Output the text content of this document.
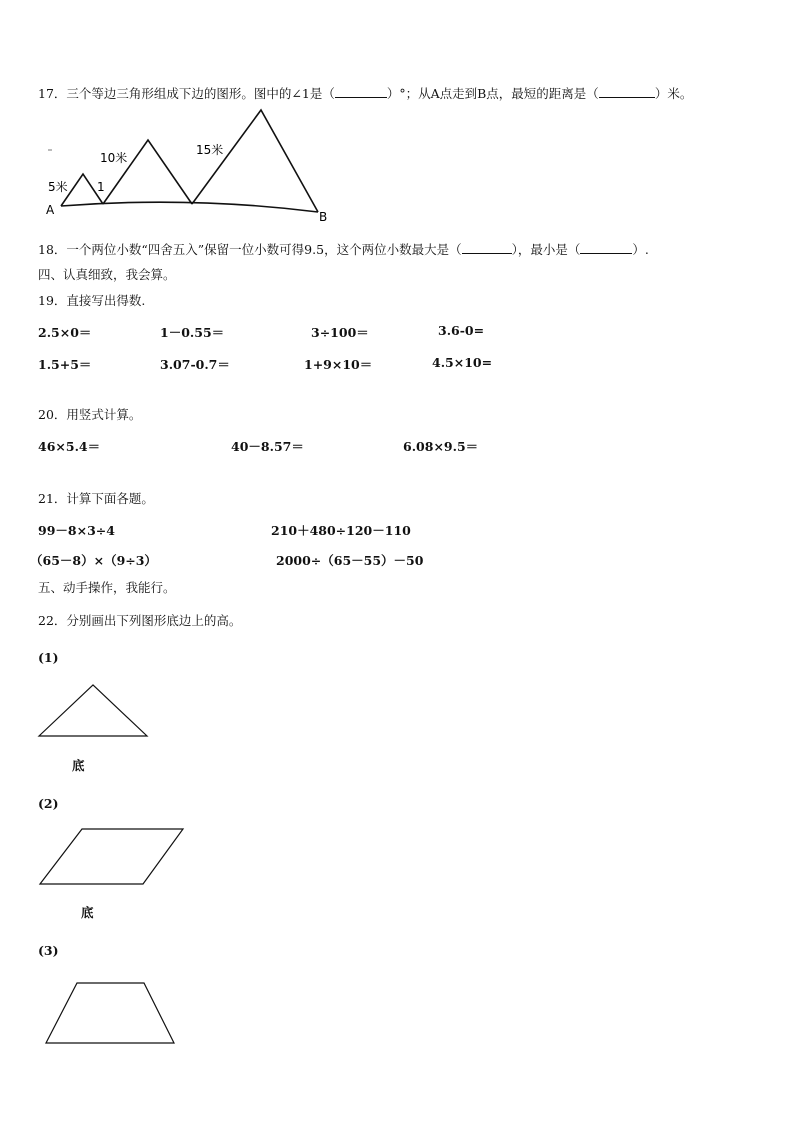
17．三个等边三角形组成下边的图形。图中的∠1是（	）°；从A点走到B点，最短的距离是（	）米。
5米
10米
15米
1
A	B
18．一个两位小数“四舍五入”保留一位小数可得9.5，这个两位小数最大是（	），最小是（	）.
四、认真细致，我会算。
19．直接写出得数.
2.5×0＝	1－0.55＝	3÷100＝	3.6-0=
1.5+5＝	3.07-0.7＝	1+9×10＝	4.5×10=
20．用竖式计算。
46×5.4＝	40－8.57＝	6.08×9.5＝
21．计算下面各题。
99－8×3÷4	210＋480÷120－110
（65－8）×（9÷3）	2000÷（65－55）－50
五、动手操作，我能行。
22．分别画出下列图形底边上的高。
(1)
底
(2)
底
(3)
